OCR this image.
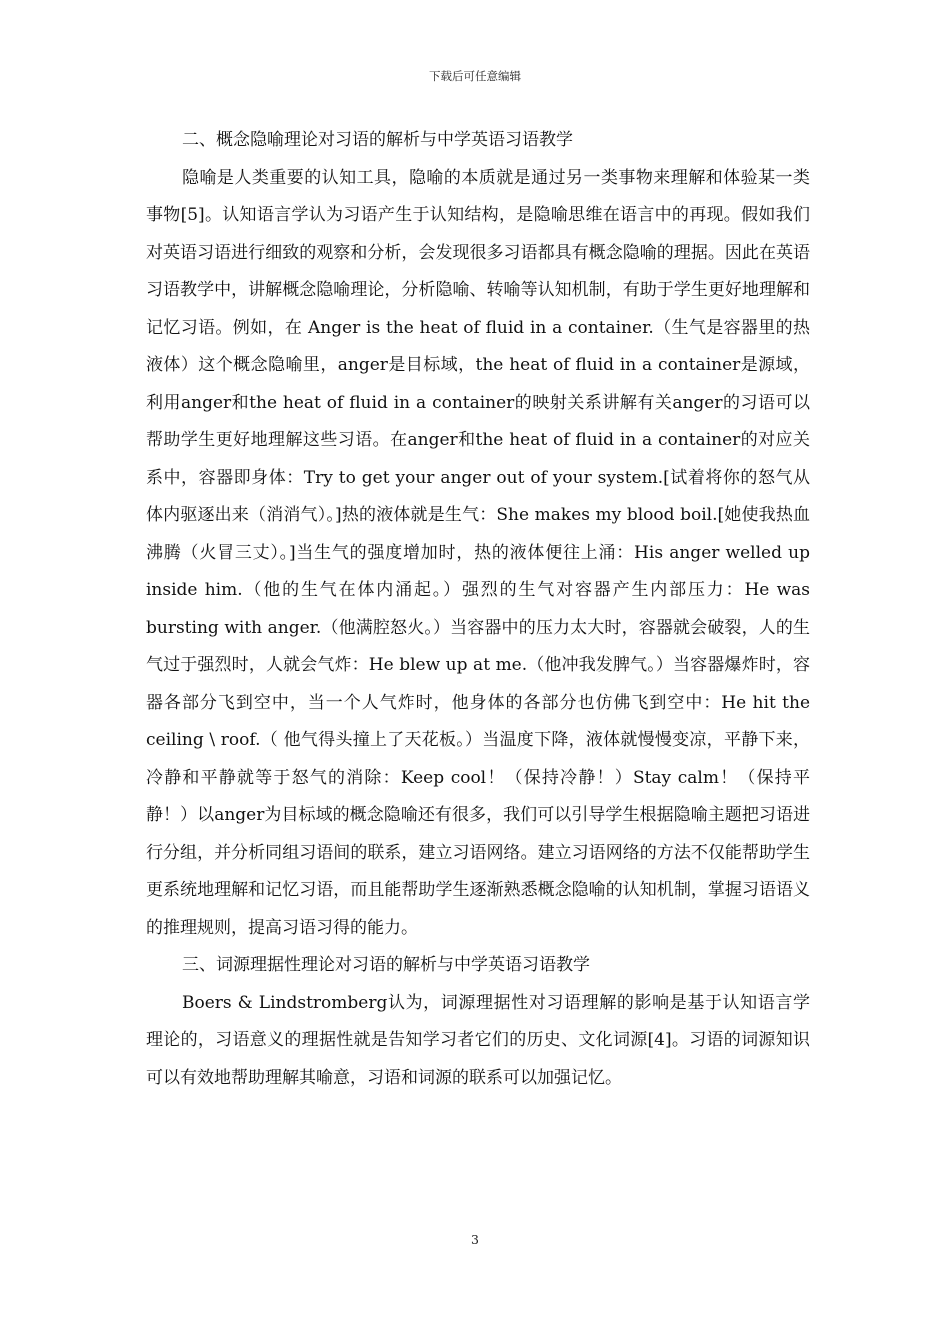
下载后可任意编辑

二、概念隐喻理论对习语的解析与中学英语习语教学

隐喻是人类重要的认知工具，隐喻的本质就是通过另一类事物来理解和体验某一类事物[5]。认知语言学认为习语产生于认知结构，是隐喻思维在语言中的再现。假如我们对英语习语进行细致的观察和分析，会发现很多习语都具有概念隐喻的理据。因此在英语习语教学中，讲解概念隐喻理论，分析隐喻、转喻等认知机制，有助于学生更好地理解和记忆习语。例如，在 Anger is the heat of fluid in a container.（生气是容器里的热液体）这个概念隐喻里，anger是目标域，the heat of fluid in a container是源域，利用anger和the heat of fluid in a container的映射关系讲解有关anger的习语可以帮助学生更好地理解这些习语。在anger和the heat of fluid in a container的对应关系中，容器即身体：Try to get your anger out of your system.[试着将你的怒气从体内驱逐出来（消消气）。]热的液体就是生气：She makes my blood boil.[她使我热血沸腾（火冒三丈）。]当生气的强度增加时，热的液体便往上涌：His anger welled up inside him.（他的生气在体内涌起。）强烈的生气对容器产生内部压力：He was bursting with anger.（他满腔怒火。）当容器中的压力太大时，容器就会破裂，人的生气过于强烈时，人就会气炸：He blew up at me.（他冲我发脾气。）当容器爆炸时，容器各部分飞到空中，当一个人气炸时，他身体的各部分也仿佛飞到空中：He hit the ceiling \ roof.（ 他气得头撞上了天花板。）当温度下降，液体就慢慢变凉，平静下来，冷静和平静就等于怒气的消除：Keep cool！（保持冷静！）Stay calm！（保持平静！）以anger为目标域的概念隐喻还有很多，我们可以引导学生根据隐喻主题把习语进行分组，并分析同组习语间的联系，建立习语网络。建立习语网络的方法不仅能帮助学生更系统地理解和记忆习语，而且能帮助学生逐渐熟悉概念隐喻的认知机制，掌握习语语义的推理规则，提高习语习得的能力。

三、词源理据性理论对习语的解析与中学英语习语教学

Boers & Lindstromberg认为，词源理据性对习语理解的影响是基于认知语言学理论的，习语意义的理据性就是告知学习者它们的历史、文化词源[4]。习语的词源知识可以有效地帮助理解其喻意，习语和词源的联系可以加强记忆。

3
